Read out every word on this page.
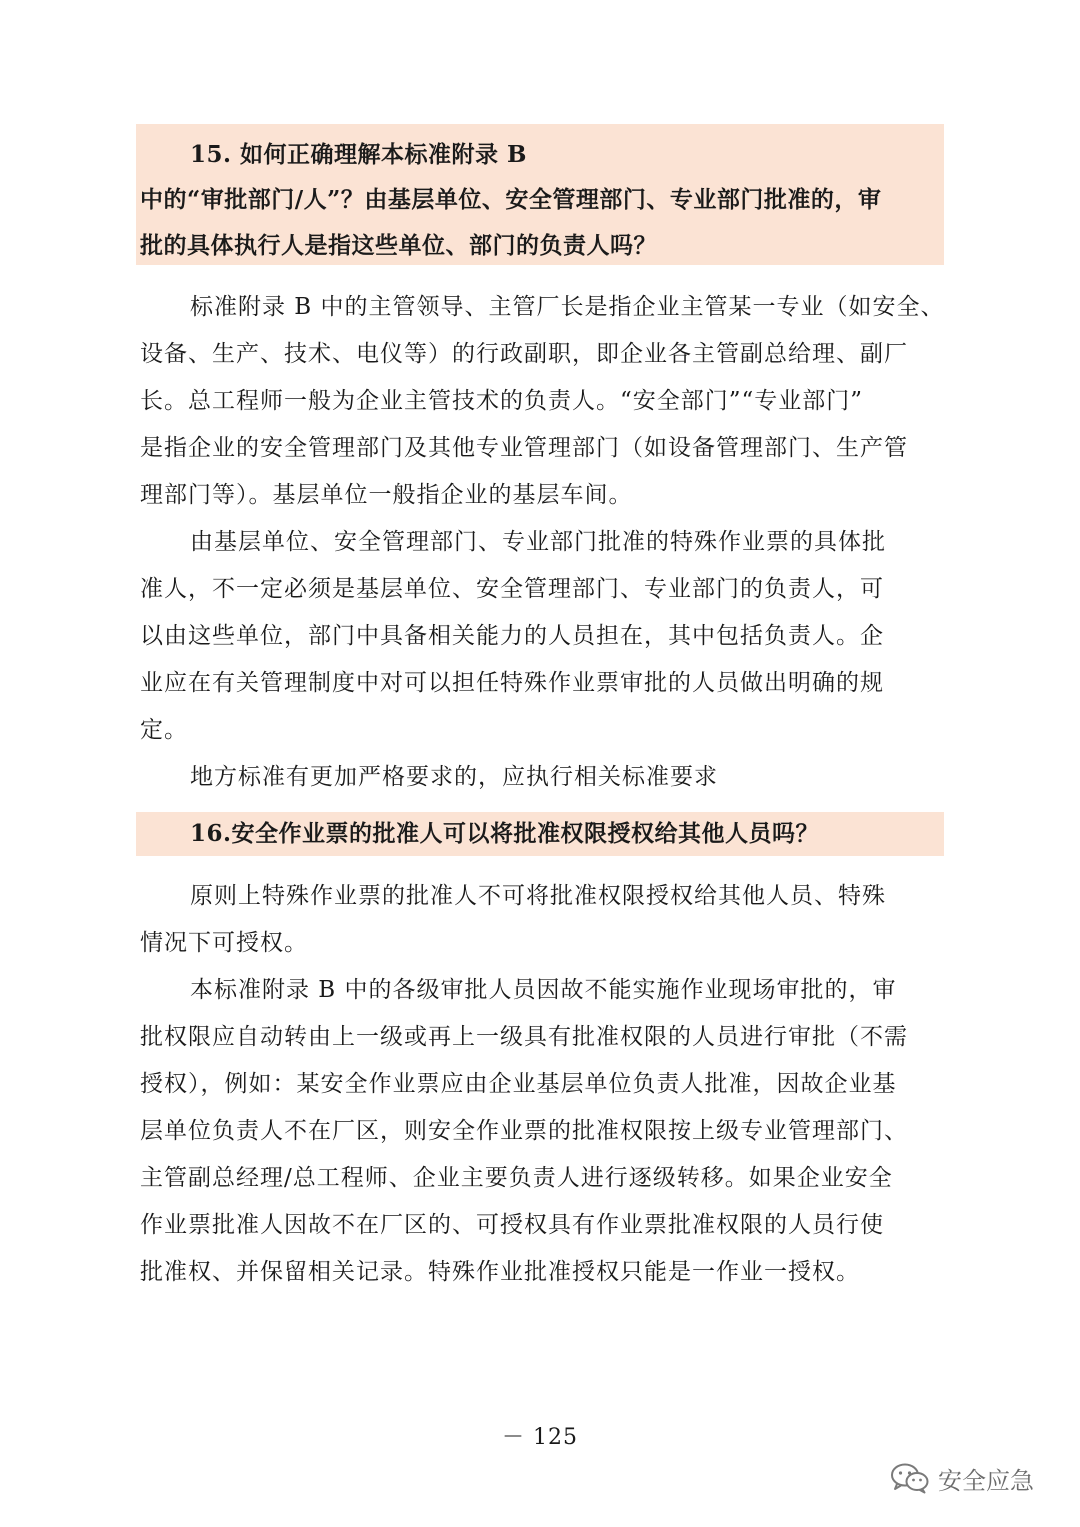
15. 如何正确理解本标准附录 B
中的“审批部门/人”？由基层单位、安全管理部门、专业部门批准的，审
批的具体执行人是指这些单位、部门的负责人吗？
标准附录 B 中的主管领导、主管厂长是指企业主管某一专业（如安全、
设备、生产、技术、电仪等）的行政副职，即企业各主管副总给理、副厂
长。总工程师一般为企业主管技术的负责人。“安全部门”“专业部门”
是指企业的安全管理部门及其他专业管理部门（如设备管理部门、生产管
理部门等）。基层单位一般指企业的基层车间。
由基层单位、安全管理部门、专业部门批准的特殊作业票的具体批
准人，不一定必须是基层单位、安全管理部门、专业部门的负责人，可
以由这些单位，部门中具备相关能力的人员担在，其中包括负责人。企
业应在有关管理制度中对可以担任特殊作业票审批的人员做出明确的规
定。
地方标准有更加严格要求的，应执行相关标准要求
16.安全作业票的批准人可以将批准权限授权给其他人员吗？
原则上特殊作业票的批准人不可将批准权限授权给其他人员、特殊
情况下可授权。
本标准附录 B 中的各级审批人员因故不能实施作业现场审批的，审
批权限应自动转由上一级或再上一级具有批准权限的人员进行审批（不需
授权），例如：某安全作业票应由企业基层单位负责人批准，因故企业基
层单位负责人不在厂区，则安全作业票的批准权限按上级专业管理部门、
主管副总经理/总工程师、企业主要负责人进行逐级转移。如果企业安全
作业票批准人因故不在厂区的、可授权具有作业票批准权限的人员行使
批准权、并保留相关记录。特殊作业批准授权只能是一作业一授权。
－ 125
安全应急
